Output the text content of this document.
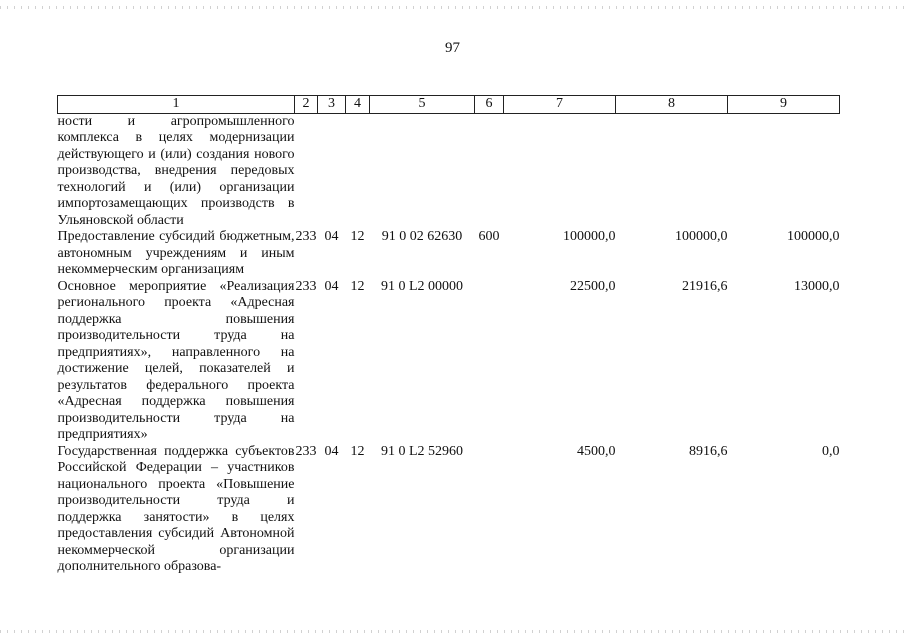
97
1	2	3	4	5	6	7	8	9
ности и агропромышленного комплекса в целях модернизации действующего и (или) создания нового производства, внедрения передовых технологий и (или) организации импортозамещающих производств в Ульяновской области								
Предоставление субсидий бюджетным, автономным учреждениям и иным некоммерческим организациям	233	04	12	91 0 02 62630	600	100000,0	100000,0	100000,0
Основное мероприятие «Реализация регионального проекта «Адресная поддержка повышения производительности труда на предприятиях», направленного на достижение целей, показателей и результатов федерального проекта «Адресная поддержка повышения производительности труда на предприятиях»	233	04	12	91 0 L2 00000		22500,0	21916,6	13000,0
Государственная поддержка субъектов Российской Федерации – участников национального проекта «Повышение производительности труда и поддержка занятости» в целях предоставления субсидий Автономной некоммерческой организации дополнительного образова-	233	04	12	91 0 L2 52960		4500,0	8916,6	0,0
